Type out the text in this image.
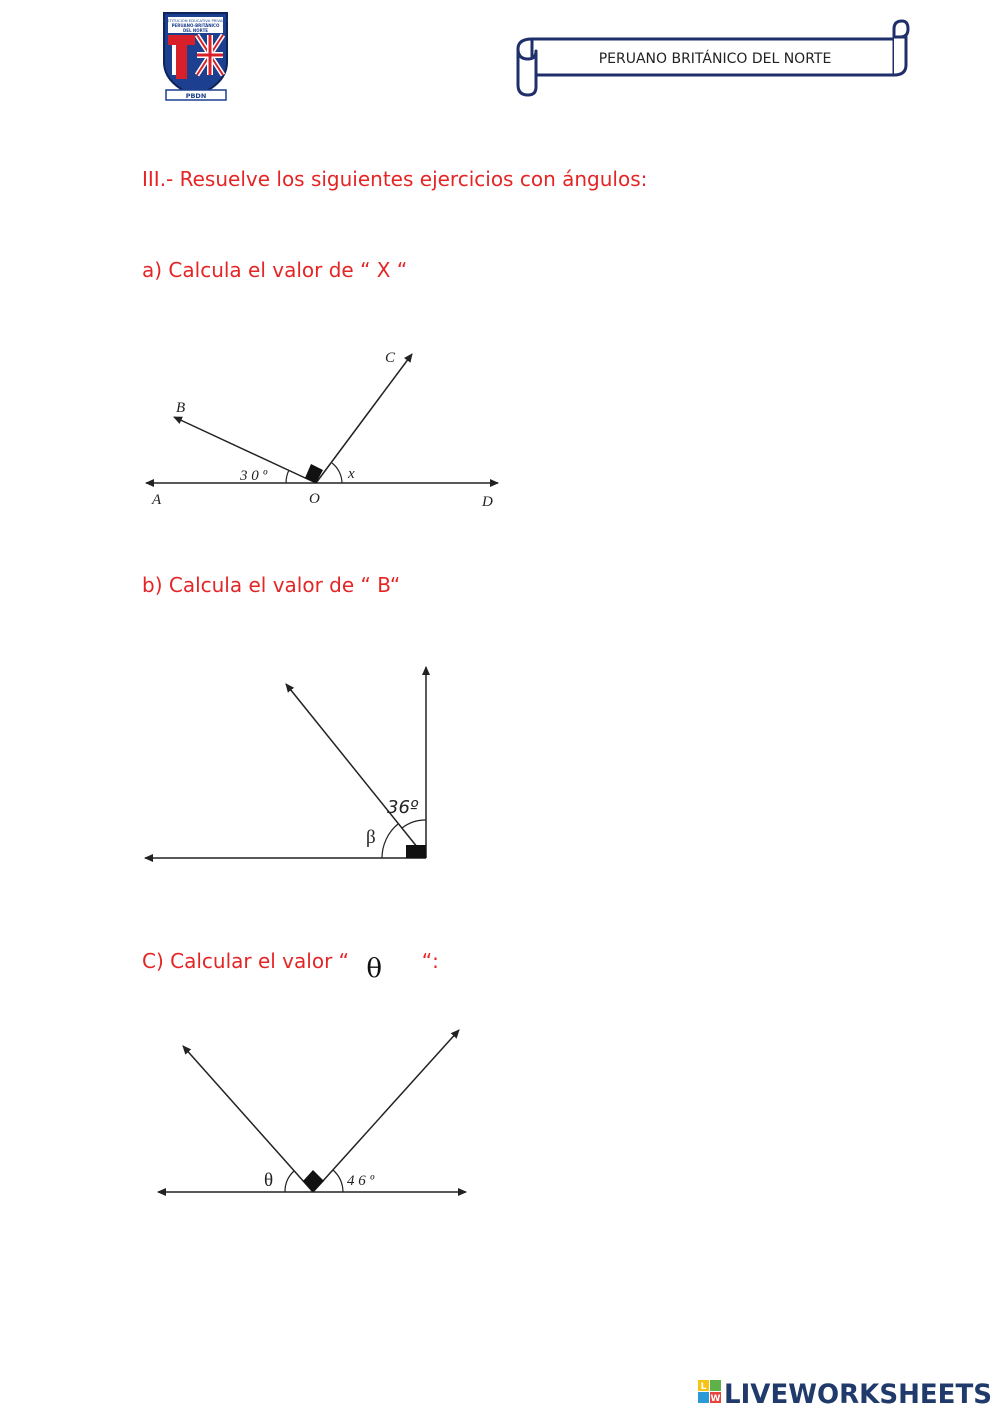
INSTITUCIÓN EDUCATIVA PRIVADA
PERUANO-BRITÁNICO
DEL NORTE
PBDN
PERUANO BRITÁNICO DEL NORTE
III.- Resuelve los siguientes ejercicios con ángulos:
a) Calcula el valor de “ X “
A
B
C
D
O
3 0 º	x
b) Calcula el valor de “ B“
36º
β
C) Calcular el valor “ θ “:
θ	4 6 º
L
W LIVEWORKSHEETS
